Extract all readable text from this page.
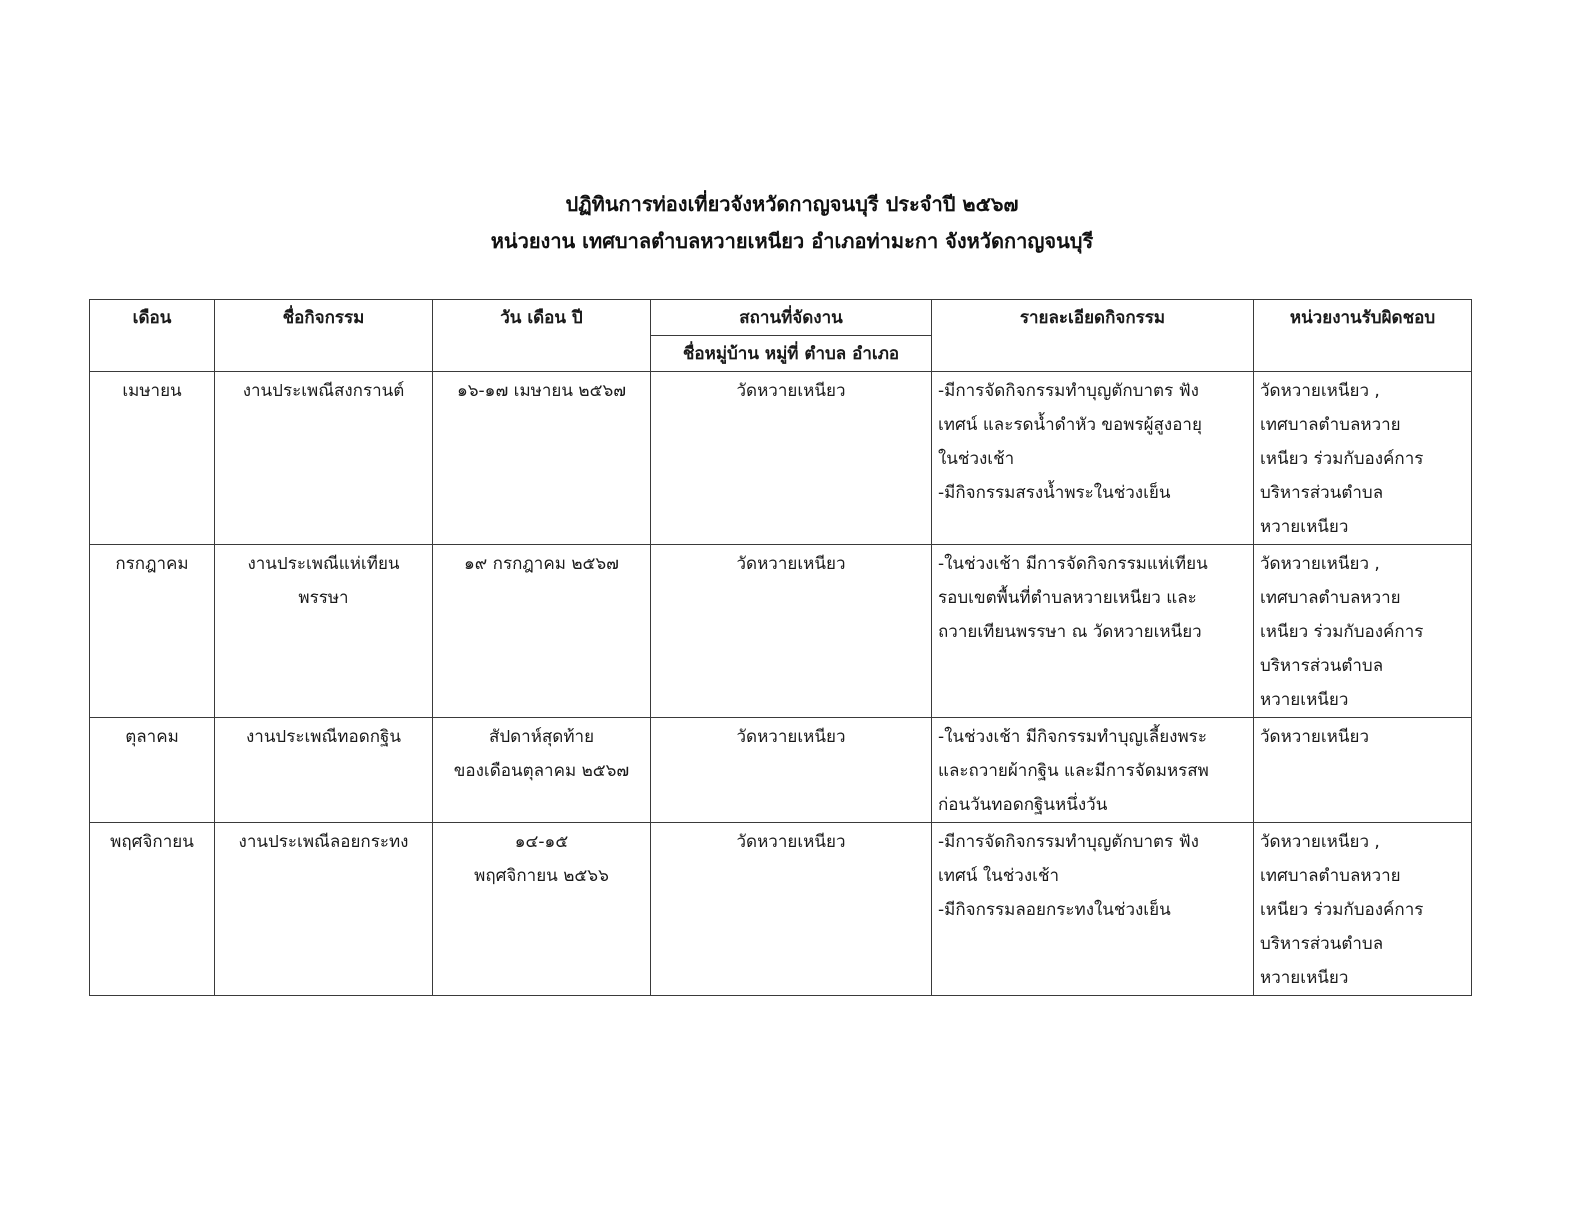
ปฏิทินการท่องเที่ยวจังหวัดกาญจนบุรี ประจำปี ๒๕๖๗
หน่วยงาน เทศบาลตำบลหวายเหนียว อำเภอท่ามะกา จังหวัดกาญจนบุรี
เดือน	ชื่อกิจกรรม	วัน เดือน ปี	สถานที่จัดงาน	รายละเอียดกิจกรรม	หน่วยงานรับผิดชอบ
			ชื่อหมู่บ้าน หมู่ที่ ตำบล อำเภอ		
เมษายน	งานประเพณีสงกรานต์	๑๖-๑๗ เมษายน ๒๕๖๗	วัดหวายเหนียว	-มีการจัดกิจกรรมทำบุญตักบาตร ฟัง
เทศน์ และรดน้ำดำหัว ขอพรผู้สูงอายุ
ในช่วงเช้า
-มีกิจกรรมสรงน้ำพระในช่วงเย็น	วัดหวายเหนียว ,
เทศบาลตำบลหวาย
เหนียว ร่วมกับองค์การ
บริหารส่วนตำบล
หวายเหนียว

กรกฎาคม	งานประเพณีแห่เทียน
พรรษา	๑๙ กรกฎาคม ๒๕๖๗	วัดหวายเหนียว	-ในช่วงเช้า มีการจัดกิจกรรมแห่เทียน
รอบเขตพื้นที่ตำบลหวายเหนียว และ
ถวายเทียนพรรษา ณ วัดหวายเหนียว	วัดหวายเหนียว ,
เทศบาลตำบลหวาย
เหนียว ร่วมกับองค์การ
บริหารส่วนตำบล
หวายเหนียว

ตุลาคม	งานประเพณีทอดกฐิน	สัปดาห์สุดท้าย
ของเดือนตุลาคม ๒๕๖๗	วัดหวายเหนียว	-ในช่วงเช้า มีกิจกรรมทำบุญเลี้ยงพระ
และถวายผ้ากฐิน และมีการจัดมหรสพ
ก่อนวันทอดกฐินหนึ่งวัน	วัดหวายเหนียว

พฤศจิกายน	งานประเพณีลอยกระทง	๑๔-๑๕
พฤศจิกายน ๒๕๖๖	วัดหวายเหนียว	-มีการจัดกิจกรรมทำบุญตักบาตร ฟัง
เทศน์ ในช่วงเช้า
-มีกิจกรรมลอยกระทงในช่วงเย็น	วัดหวายเหนียว ,
เทศบาลตำบลหวาย
เหนียว ร่วมกับองค์การ
บริหารส่วนตำบล
หวายเหนียว
